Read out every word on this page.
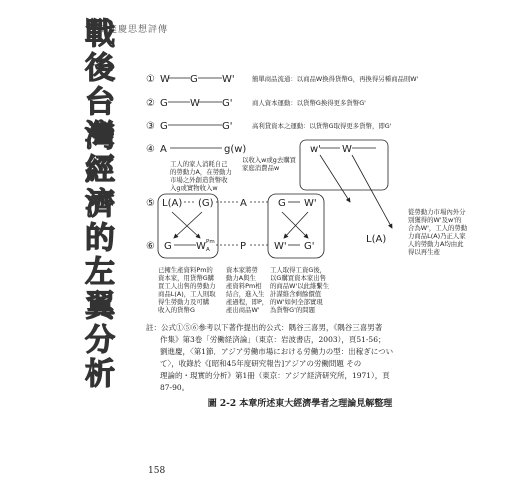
劉進慶思想評傳
戰
後
台
灣
經
濟
的
左
翼
分
析
① W G W'	簡單商品流通：以商品W換得貨幣G，再換得另種商品則W'
② G W G'	商人資本運動：以貨幣G換得更多貨幣G'
③ G	G'	高利貸資本之運動：以貨幣G取得更多貨幣，即G'
④ A	g(w)	w' W
工人的家人消耗自己
的勞動力A，在勞動力
市場之外創造貨幣收
入g或實物收入w
以收入w或g去購買
家庭消費品w
從勞動力市場內外分
別獲得的W'及w'的
合為W'，工人的勞動
力商品L(A)乃正人家
人的勞動力A均由此
得以再生產
⑤ L(A) (G)	A	G W'
L(A)
⑥ G W Pm
A	P	W' G'
已擁生產資料Pm的
資本家，用貨幣G購
買工人出售的勞動力
商品L(A)，工人則取
得生勞動力及可購
收入的貨幣G
資本家將勞
動力A與生
產資料Pm相
結合，進入生
產過程，即P，
產出商品W'
工人取得工資G後，
以G購買資本家出售
的商品W'以此維繫生
計謀維含剩餘價值
的W'如何全部實現
為貨幣G'的問題
註：公式①⑤⑥參考以下著作提出的公式：隅谷三喜男，《隅谷三喜男著
作集》第3卷「労働経済論」（東京：岩波書店，2003），頁51-56；
劉進慶，〈第1節．アジア労働市場における労働力の型：出稼ぎについ
て〉，收錄於《[昭和45年度研究報告]アジアの労働問題 その
理論的・現實的分析》第1冊（東京：アジア経済研究所，1971），頁
87-90。
圖 2-2 本章所述東大經濟學者之理論見解整理
158
